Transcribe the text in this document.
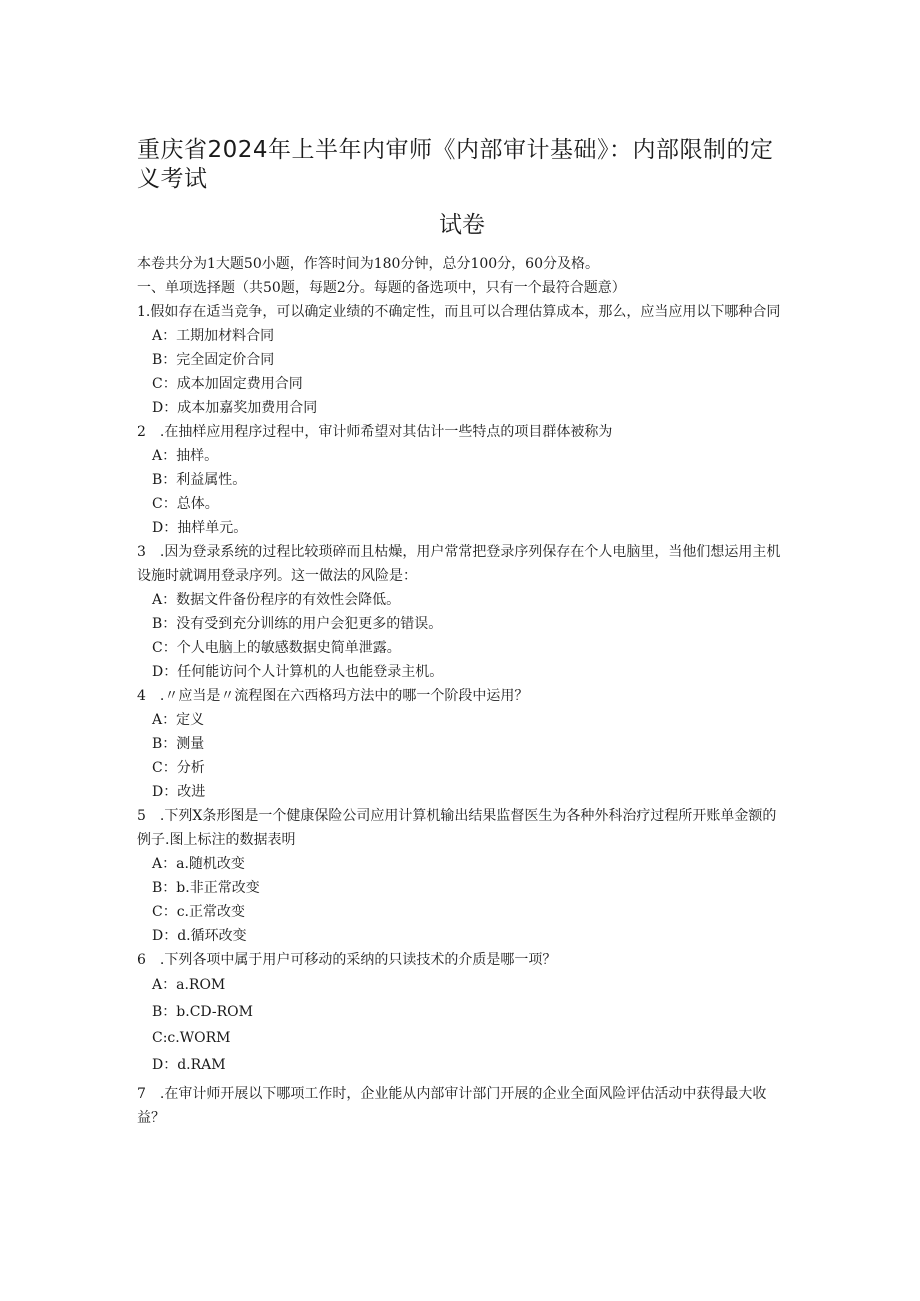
重庆省2024年上半年内审师《内部审计基础》：内部限制的定义考试
试卷

本卷共分为1大题50小题，作答时间为180分钟，总分100分，60分及格。

一、单项选择题（共50题，每题2分。每题的备选项中，只有一个最符合题意）

1.假如存在适当竞争，可以确定业绩的不确定性，而且可以合理估算成本，那么，应当应用以下哪种合同

A：工期加材料合同

B：完全固定价合同

C：成本加固定费用合同

D：成本加嘉奖加费用合同

2　.在抽样应用程序过程中，审计师希望对其估计一些特点的项目群体被称为

A：抽样。

B：利益属性。

C：总体。

D：抽样单元。

3　.因为登录系统的过程比较琐碎而且枯燥，用户常常把登录序列保存在个人电脑里，当他们想运用主机设施时就调用登录序列。这一做法的风险是：

A：数据文件备份程序的有效性会降低。

B：没有受到充分训练的用户会犯更多的错误。

C：个人电脑上的敏感数据史简单泄露。

D：任何能访问个人计算机的人也能登录主机。

4　.〃应当是〃流程图在六西格玛方法中的哪一个阶段中运用？

A：定义

B：测量

C：分析

D：改进

5　.下列X条形图是一个健康保险公司应用计算机输出结果监督医生为各种外科治疗过程所开账单金额的例子.图上标注的数据表明

A：a.随机改变

B：b.非正常改变

C：c.正常改变

D：d.循环改变

6　.下列各项中属于用户可移动的采纳的只读技术的介质是哪一项？

A：a.ROM

B：b.CD-ROM

C:c.WORM

D：d.RAM

7　.在审计师开展以下哪项工作时，企业能从内部审计部门开展的企业全面风险评估活动中获得最大收益？
